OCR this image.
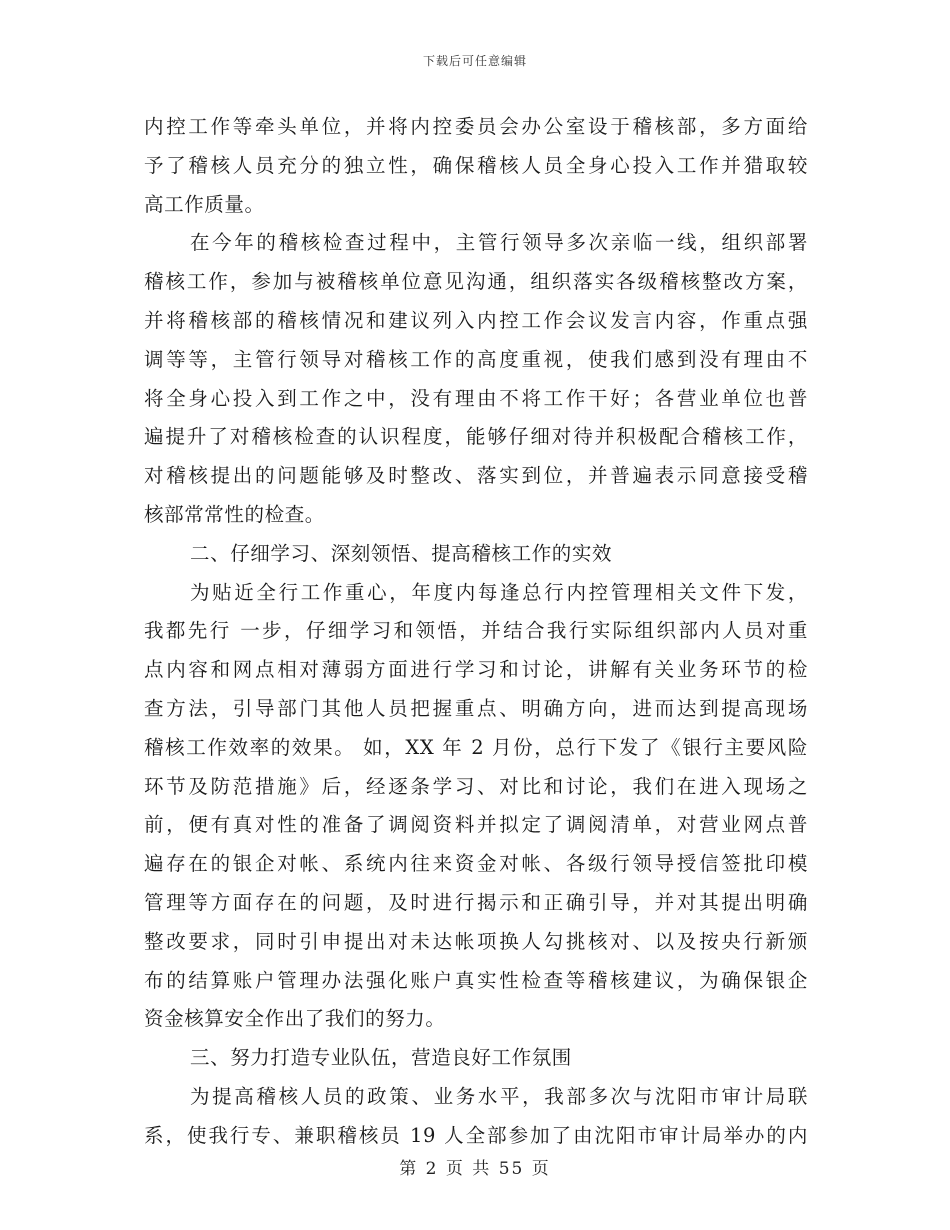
下载后可任意编辑
内控工作等牵头单位，并将内控委员会办公室设于稽核部，多方面给
予了稽核人员充分的独立性，确保稽核人员全身心投入工作并猎取较
高工作质量。
在今年的稽核检查过程中，主管行领导多次亲临一线，组织部署
稽核工作，参加与被稽核单位意见沟通，组织落实各级稽核整改方案，
并将稽核部的稽核情况和建议列入内控工作会议发言内容，作重点强
调等等，主管行领导对稽核工作的高度重视，使我们感到没有理由不
将全身心投入到工作之中，没有理由不将工作干好；各营业单位也普
遍提升了对稽核检查的认识程度，能够仔细对待并积极配合稽核工作，
对稽核提出的问题能够及时整改、落实到位，并普遍表示同意接受稽
核部常常性的检查。
二、仔细学习、深刻领悟、提高稽核工作的实效
为贴近全行工作重心，年度内每逢总行内控管理相关文件下发，
我都先行 一步，仔细学习和领悟，并结合我行实际组织部内人员对重
点内容和网点相对薄弱方面进行学习和讨论，讲解有关业务环节的检
查方法，引导部门其他人员把握重点、明确方向，进而达到提高现场
稽核工作效率的效果。 如，XX 年 2 月份，总行下发了《银行主要风险
环节及防范措施》后，经逐条学习、对比和讨论，我们在进入现场之
前，便有真对性的准备了调阅资料并拟定了调阅清单，对营业网点普
遍存在的银企对帐、系统内往来资金对帐、各级行领导授信签批印模
管理等方面存在的问题，及时进行揭示和正确引导，并对其提出明确
整改要求，同时引申提出对未达帐项换人勾挑核对、以及按央行新颁
布的结算账户管理办法强化账户真实性检查等稽核建议，为确保银企
资金核算安全作出了我们的努力。
三、努力打造专业队伍，营造良好工作氛围
为提高稽核人员的政策、业务水平，我部多次与沈阳市审计局联
系，使我行专、兼职稽核员 19 人全部参加了由沈阳市审计局举办的内
第 2 页 共 55 页
